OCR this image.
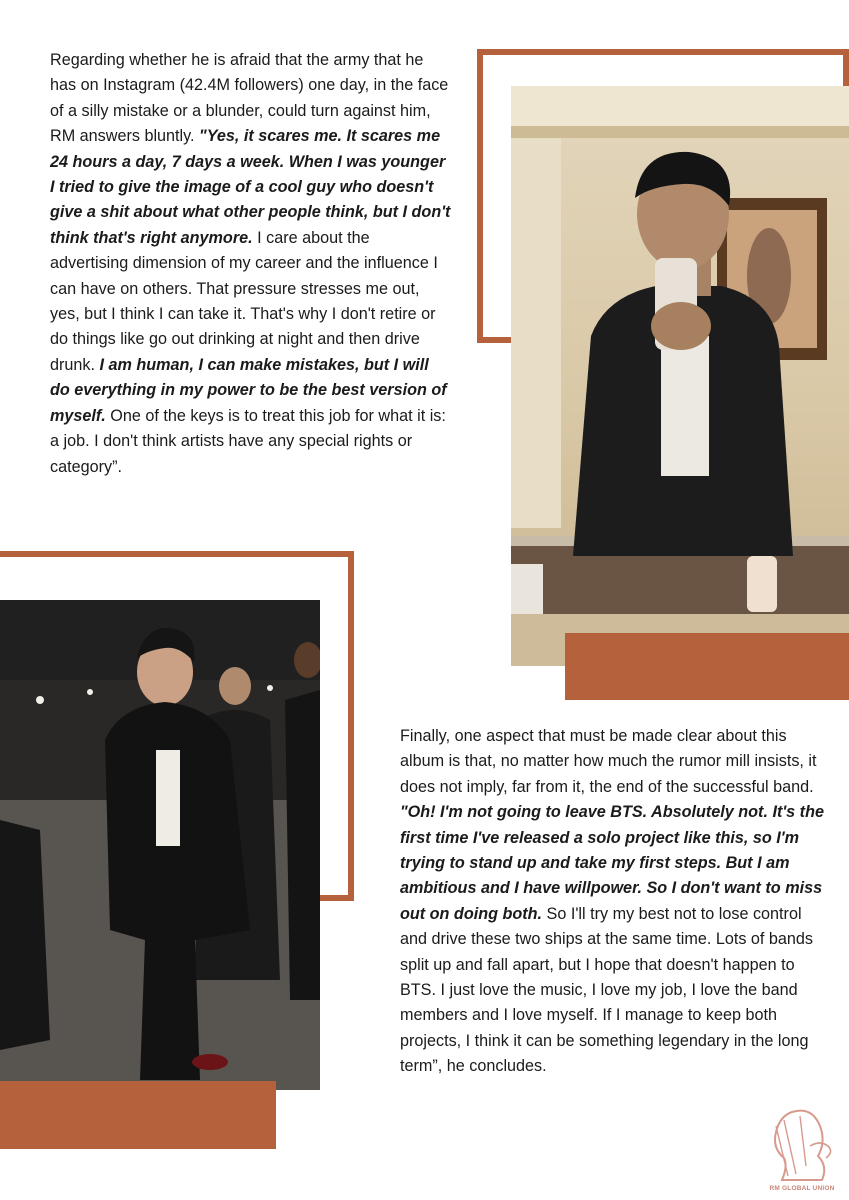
Regarding whether he is afraid that the army that he has on Instagram (42.4M followers) one day, in the face of a silly mistake or a blunder, could turn against him, RM answers bluntly. "Yes, it scares me. It scares me 24 hours a day, 7 days a week. When I was younger I tried to give the image of a cool guy who doesn't give a shit about what other people think, but I don't think that's right anymore. I care about the advertising dimension of my career and the influence I can have on others. That pressure stresses me out, yes, but I think I can take it. That's why I don't retire or do things like go out drinking at night and then drive drunk. I am human, I can make mistakes, but I will do everything in my power to be the best version of myself. One of the keys is to treat this job for what it is: a job. I don't think artists have any special rights or category”.

Finally, one aspect that must be made clear about this album is that, no matter how much the rumor mill insists, it does not imply, far from it, the end of the successful band. "Oh! I'm not going to leave BTS. Absolutely not. It's the first time I've released a solo project like this, so I'm trying to stand up and take my first steps. But I am ambitious and I have willpower. So I don't want to miss out on doing both. So I'll try my best not to lose control and drive these two ships at the same time. Lots of bands split up and fall apart, but I hope that doesn't happen to BTS. I just love the music, I love my job, I love the band members and I love myself. If I manage to keep both projects, I think it can be something legendary in the long term”, he concludes.

RM GLOBAL UNION
